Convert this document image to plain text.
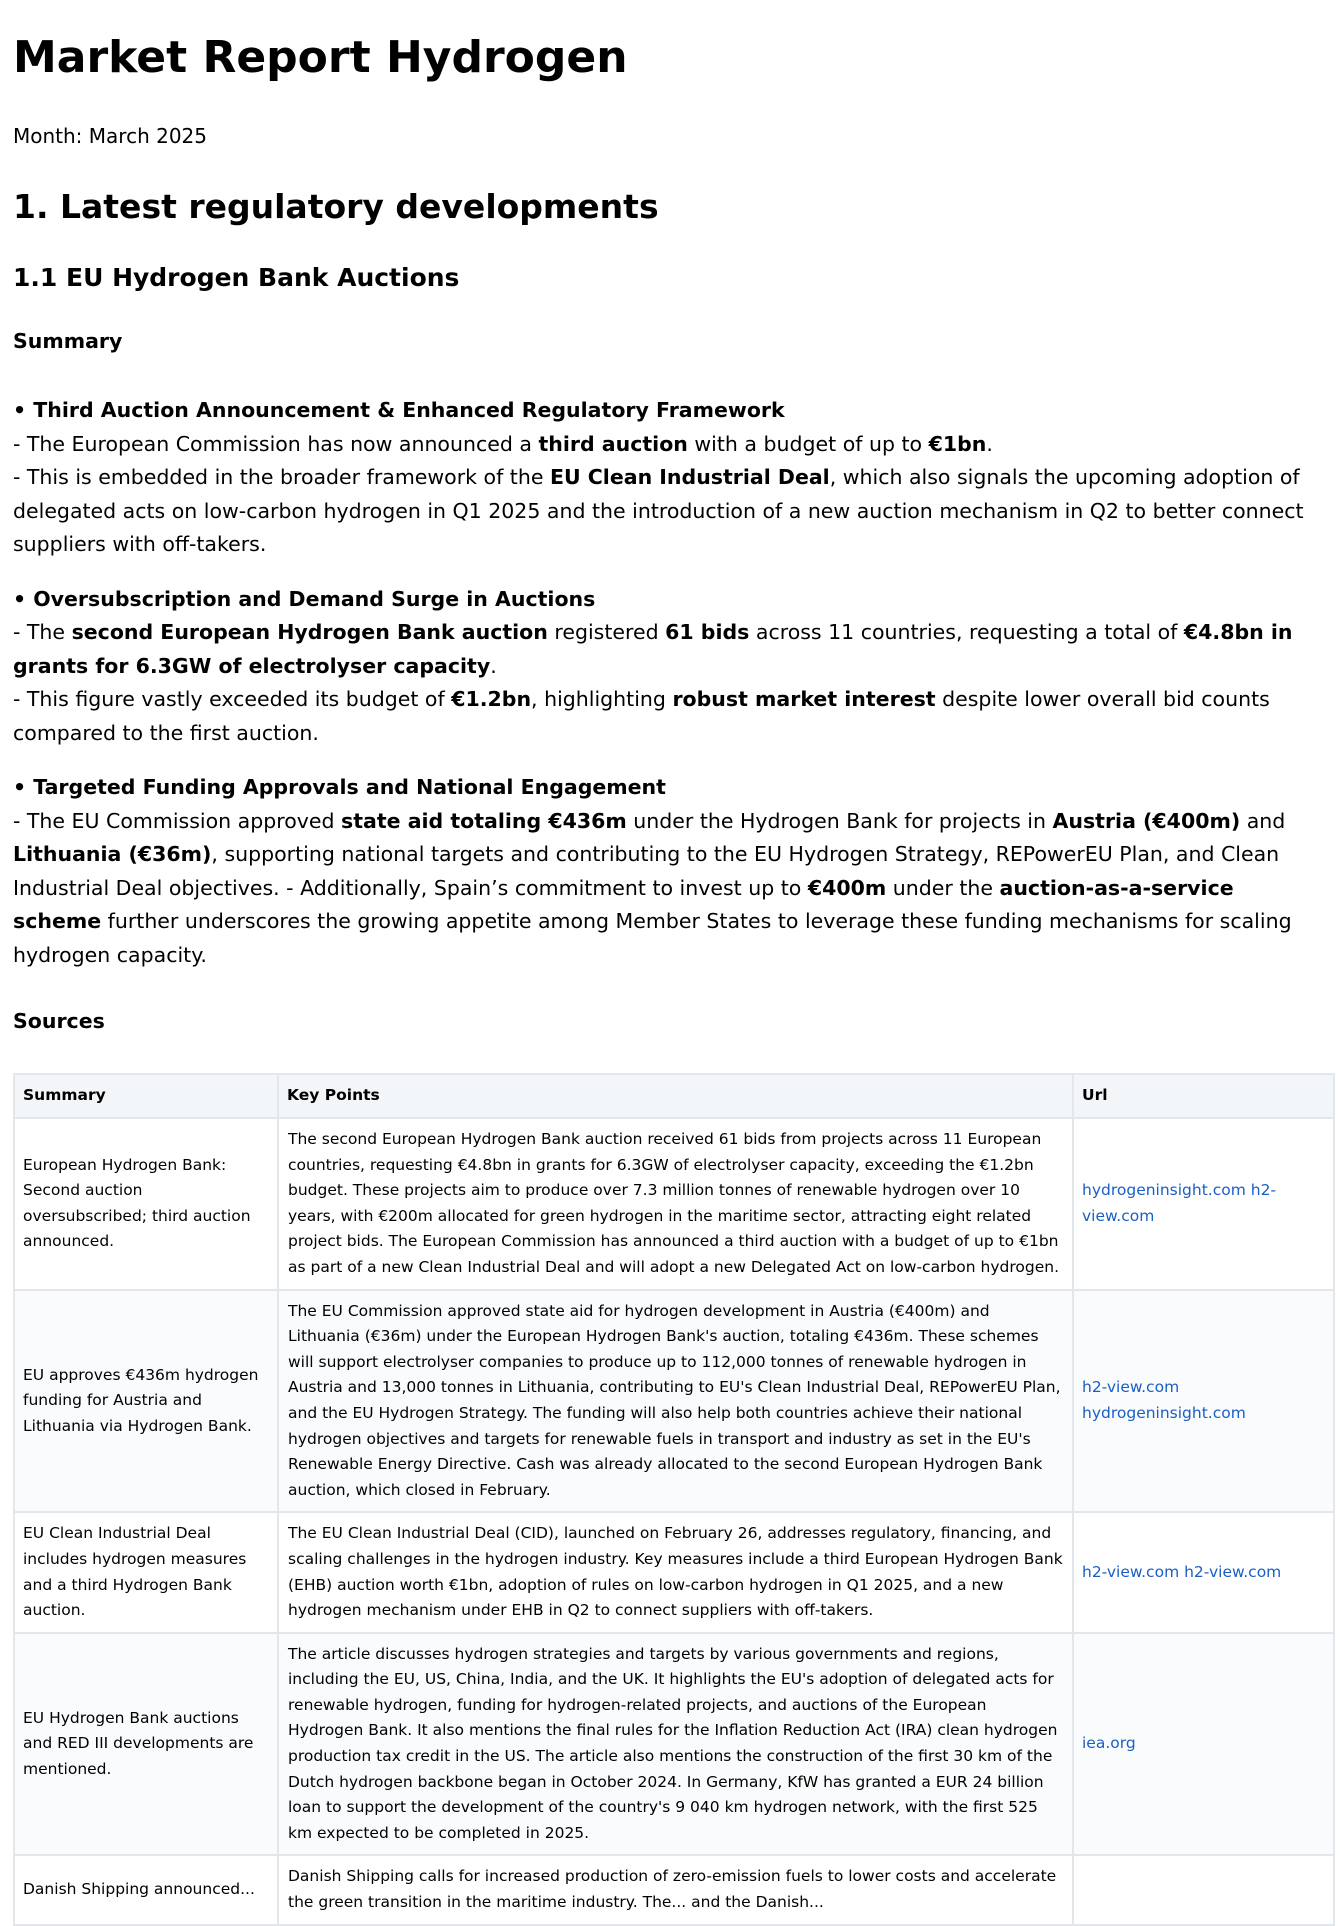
Market Report Hydrogen

Month: March 2025

1. Latest regulatory developments
1.1 EU Hydrogen Bank Auctions
Summary
• Third Auction Announcement & Enhanced Regulatory Framework
- The European Commission has now announced a third auction with a budget of up to €1bn.
- This is embedded in the broader framework of the EU Clean Industrial Deal, which also signals the upcoming adoption of delegated acts on low-carbon hydrogen in Q1 2025 and the introduction of a new auction mechanism in Q2 to better connect suppliers with off-takers.
• Oversubscription and Demand Surge in Auctions
- The second European Hydrogen Bank auction registered 61 bids across 11 countries, requesting a total of €4.8bn in grants for 6.3GW of electrolyser capacity.
- This figure vastly exceeded its budget of €1.2bn, highlighting robust market interest despite lower overall bid counts compared to the first auction.
• Targeted Funding Approvals and National Engagement
- The EU Commission approved state aid totaling €436m under the Hydrogen Bank for projects in Austria (€400m) and Lithuania (€36m), supporting national targets and contributing to the EU Hydrogen Strategy, REPowerEU Plan, and Clean Industrial Deal objectives. - Additionally, Spain’s commitment to invest up to €400m under the auction-as-a-service scheme further underscores the growing appetite among Member States to leverage these funding mechanisms for scaling hydrogen capacity.
Sources
Summary	Key Points	Url
European Hydrogen Bank: Second auction oversubscribed; third auction announced.	The second European Hydrogen Bank auction received 61 bids from projects across 11 European countries, requesting €4.8bn in grants for 6.3GW of electrolyser capacity, exceeding the €1.2bn budget. These projects aim to produce over 7.3 million tonnes of renewable hydrogen over 10 years, with €200m allocated for green hydrogen in the maritime sector, attracting eight related project bids. The European Commission has announced a third auction with a budget of up to €1bn as part of a new Clean Industrial Deal and will adopt a new Delegated Act on low-carbon hydrogen.	hydrogeninsight.com h2-view.com
EU approves €436m hydrogen funding for Austria and Lithuania via Hydrogen Bank.	The EU Commission approved state aid for hydrogen development in Austria (€400m) and Lithuania (€36m) under the European Hydrogen Bank's auction, totaling €436m. These schemes will support electrolyser companies to produce up to 112,000 tonnes of renewable hydrogen in Austria and 13,000 tonnes in Lithuania, contributing to EU's Clean Industrial Deal, REPowerEU Plan, and the EU Hydrogen Strategy. The funding will also help both countries achieve their national hydrogen objectives and targets for renewable fuels in transport and industry as set in the EU's Renewable Energy Directive. Cash was already allocated to the second European Hydrogen Bank auction, which closed in February.	h2-view.com hydrogeninsight.com
EU Clean Industrial Deal includes hydrogen measures and a third Hydrogen Bank auction.	The EU Clean Industrial Deal (CID), launched on February 26, addresses regulatory, financing, and scaling challenges in the hydrogen industry. Key measures include a third European Hydrogen Bank (EHB) auction worth €1bn, adoption of rules on low-carbon hydrogen in Q1 2025, and a new hydrogen mechanism under EHB in Q2 to connect suppliers with off-takers.	h2-view.com h2-view.com
EU Hydrogen Bank auctions and RED III developments are mentioned.	The article discusses hydrogen strategies and targets by various governments and regions, including the EU, US, China, India, and the UK. It highlights the EU's adoption of delegated acts for renewable hydrogen, funding for hydrogen-related projects, and auctions of the European Hydrogen Bank. It also mentions the final rules for the Inflation Reduction Act (IRA) clean hydrogen production tax credit in the US. The article also mentions the construction of the first 30 km of the Dutch hydrogen backbone began in October 2024. In Germany, KfW has granted a EUR 24 billion loan to support the development of the country's 9 040 km hydrogen network, with the first 525 km expected to be completed in 2025.	iea.org
Danish Shipping announced...	Danish Shipping calls for increased production of zero-emission fuels to lower costs and accelerate the green transition in the maritime industry. The... and the Danish...	
